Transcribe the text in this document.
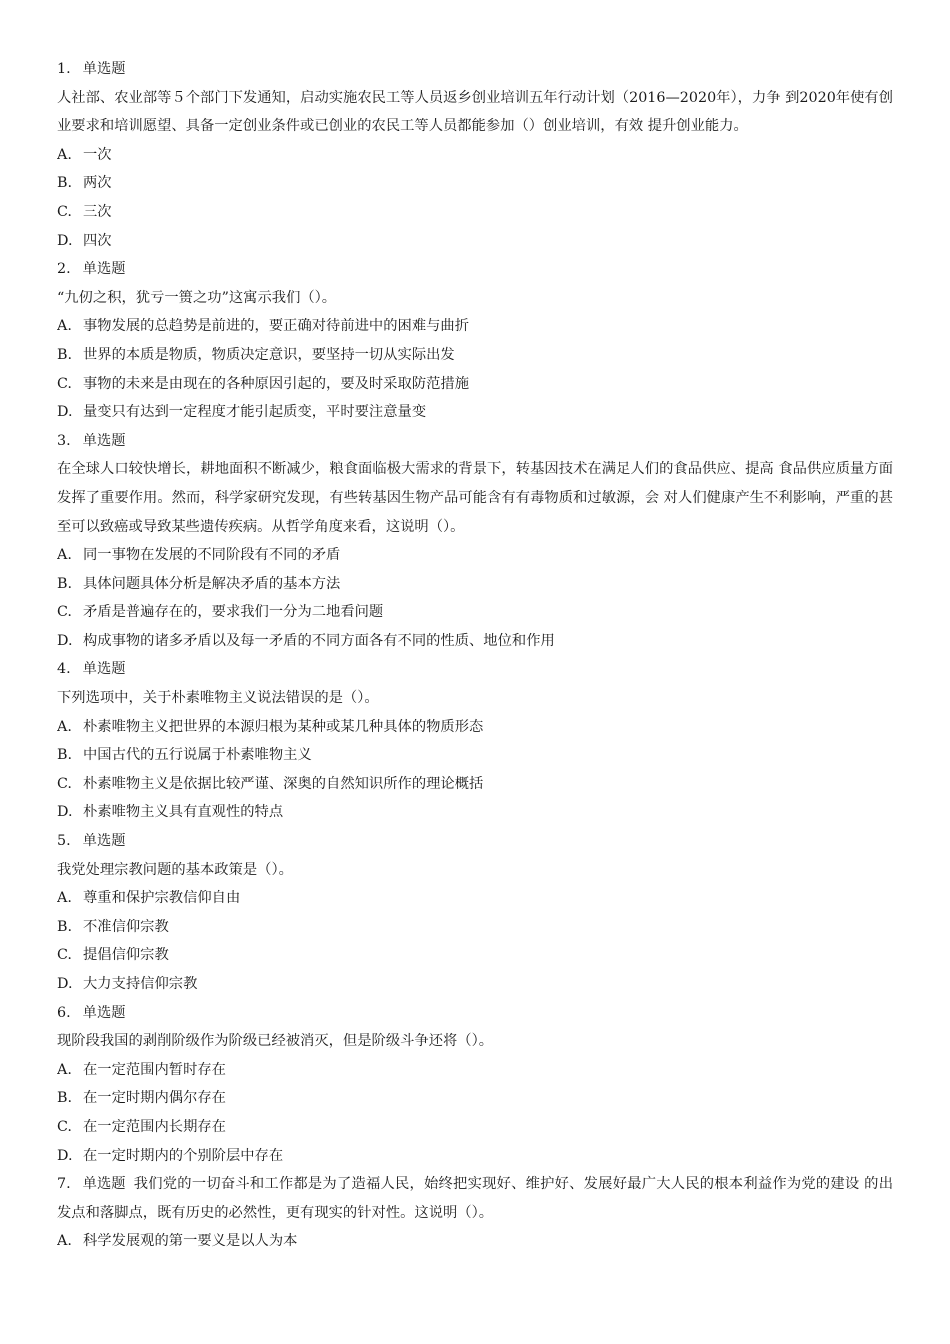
1. 单选题
人社部、农业部等５个部门下发通知，启动实施农民工等人员返乡创业培训五年行动计划（2016—2020年），力争 到2020年使有创业要求和培训愿望、具备一定创业条件或已创业的农民工等人员都能参加（）创业培训，有效 提升创业能力。
A. 一次
B. 两次
C. 三次
D. 四次
2. 单选题
“九仞之积，犹亏一篑之功”这寓示我们（）。
A. 事物发展的总趋势是前进的，要正确对待前进中的困难与曲折
B. 世界的本质是物质，物质决定意识，要坚持一切从实际出发
C. 事物的未来是由现在的各种原因引起的，要及时采取防范措施
D. 量变只有达到一定程度才能引起质变，平时要注意量变
3. 单选题
在全球人口较快增长，耕地面积不断减少，粮食面临极大需求的背景下，转基因技术在满足人们的食品供应、提高 食品供应质量方面发挥了重要作用。然而，科学家研究发现，有些转基因生物产品可能含有有毒物质和过敏源，会 对人们健康产生不利影响，严重的甚至可以致癌或导致某些遗传疾病。从哲学角度来看，这说明（）。
A. 同一事物在发展的不同阶段有不同的矛盾
B. 具体问题具体分析是解决矛盾的基本方法
C. 矛盾是普遍存在的，要求我们一分为二地看问题
D. 构成事物的诸多矛盾以及每一矛盾的不同方面各有不同的性质、地位和作用
4. 单选题
下列选项中，关于朴素唯物主义说法错误的是（）。
A. 朴素唯物主义把世界的本源归根为某种或某几种具体的物质形态
B. 中国古代的五行说属于朴素唯物主义
C. 朴素唯物主义是依据比较严谨、深奥的自然知识所作的理论概括
D. 朴素唯物主义具有直观性的特点
5. 单选题
我党处理宗教问题的基本政策是（）。
A. 尊重和保护宗教信仰自由
B. 不准信仰宗教
C. 提倡信仰宗教
D. 大力支持信仰宗教
6. 单选题
现阶段我国的剥削阶级作为阶级已经被消灭，但是阶级斗争还将（）。
A. 在一定范围内暂时存在
B. 在一定时期内偶尔存在
C. 在一定范围内长期存在
D. 在一定时期内的个别阶层中存在
7. 单选题 我们党的一切奋斗和工作都是为了造福人民，始终把实现好、维护好、发展好最广大人民的根本利益作为党的建设 的出发点和落脚点，既有历史的必然性，更有现实的针对性。这说明（）。
A. 科学发展观的第一要义是以人为本
